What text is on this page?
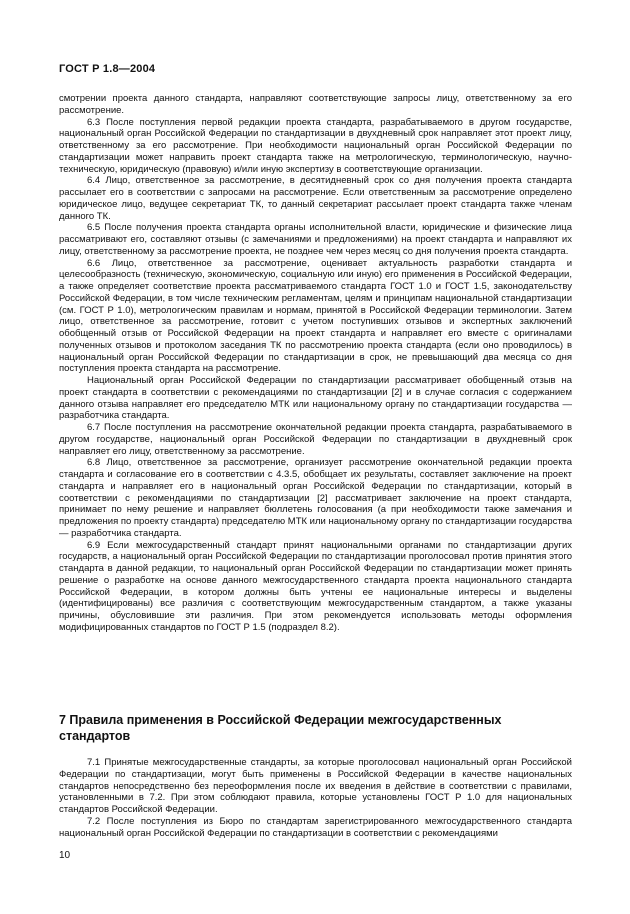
ГОСТ Р 1.8—2004

смотрении проекта данного стандарта, направляют соответствующие запросы лицу, ответственному за его рассмотрение.

6.3 После поступления первой редакции проекта стандарта, разрабатываемого в другом государстве, национальный орган Российской Федерации по стандартизации в двухдневный срок направляет этот проект лицу, ответственному за его рассмотрение. При необходимости национальный орган Российской Федерации по стандартизации может направить проект стандарта также на метрологическую, терминологическую, научно-техническую, юридическую (правовую) и/или иную экспертизу в соответствующие организации.

6.4 Лицо, ответственное за рассмотрение, в десятидневный срок со дня получения проекта стандарта рассылает его в соответствии с запросами на рассмотрение. Если ответственным за рассмотрение определено юридическое лицо, ведущее секретариат ТК, то данный секретариат рассылает проект стандарта также членам данного ТК.

6.5 После получения проекта стандарта органы исполнительной власти, юридические и физические лица рассматривают его, составляют отзывы (с замечаниями и предложениями) на проект стандарта и направляют их лицу, ответственному за рассмотрение проекта, не позднее чем через месяц со дня получения проекта стандарта.

6.6 Лицо, ответственное за рассмотрение, оценивает актуальность разработки стандарта и целесообразность (техническую, экономическую, социальную или иную) его применения в Российской Федерации, а также определяет соответствие проекта рассматриваемого стандарта ГОСТ 1.0 и ГОСТ 1.5, законодательству Российской Федерации, в том числе техническим регламентам, целям и принципам национальной стандартизации (см. ГОСТ Р 1.0), метрологическим правилам и нормам, принятой в Российской Федерации терминологии. Затем лицо, ответственное за рассмотрение, готовит с учетом поступивших отзывов и экспертных заключений обобщенный отзыв от Российской Федерации на проект стандарта и направляет его вместе с оригиналами полученных отзывов и протоколом заседания ТК по рассмотрению проекта стандарта (если оно проводилось) в национальный орган Российской Федерации по стандартизации в срок, не превышающий два месяца со дня поступления проекта стандарта на рассмотрение.

Национальный орган Российской Федерации по стандартизации рассматривает обобщенный отзыв на проект стандарта в соответствии с рекомендациями по стандартизации [2] и в случае согласия с содержанием данного отзыва направляет его председателю МТК или национальному органу по стандартизации государства — разработчика стандарта.

6.7 После поступления на рассмотрение окончательной редакции проекта стандарта, разрабатываемого в другом государстве, национальный орган Российской Федерации по стандартизации в двухдневный срок направляет его лицу, ответственному за рассмотрение.

6.8 Лицо, ответственное за рассмотрение, организует рассмотрение окончательной редакции проекта стандарта и согласование его в соответствии с 4.3.5, обобщает их результаты, составляет заключение на проект стандарта и направляет его в национальный орган Российской Федерации по стандартизации, который в соответствии с рекомендациями по стандартизации [2] рассматривает заключение на проект стандарта, принимает по нему решение и направляет бюллетень голосования (а при необходимости также замечания и предложения по проекту стандарта) председателю МТК или национальному органу по стандартизации государства — разработчика стандарта.

6.9 Если межгосударственный стандарт принят национальными органами по стандартизации других государств, а национальный орган Российской Федерации по стандартизации проголосовал против принятия этого стандарта в данной редакции, то национальный орган Российской Федерации по стандартизации может принять решение о разработке на основе данного межгосударственного стандарта проекта национального стандарта Российской Федерации, в котором должны быть учтены ее национальные интересы и выделены (идентифицированы) все различия с соответствующим межгосударственным стандартом, а также указаны причины, обусловившие эти различия. При этом рекомендуется использовать методы оформления модифицированных стандартов по ГОСТ Р 1.5 (подраздел 8.2).

7 Правила применения в Российской Федерации межгосударственных стандартов

7.1 Принятые межгосударственные стандарты, за которые проголосовал национальный орган Российской Федерации по стандартизации, могут быть применены в Российской Федерации в качестве национальных стандартов непосредственно без переоформления после их введения в действие в соответствии с правилами, установленными в 7.2. При этом соблюдают правила, которые установлены ГОСТ Р 1.0 для национальных стандартов Российской Федерации.

7.2 После поступления из Бюро по стандартам зарегистрированного межгосударственного стандарта национальный орган Российской Федерации по стандартизации в соответствии с рекомендациями

10
